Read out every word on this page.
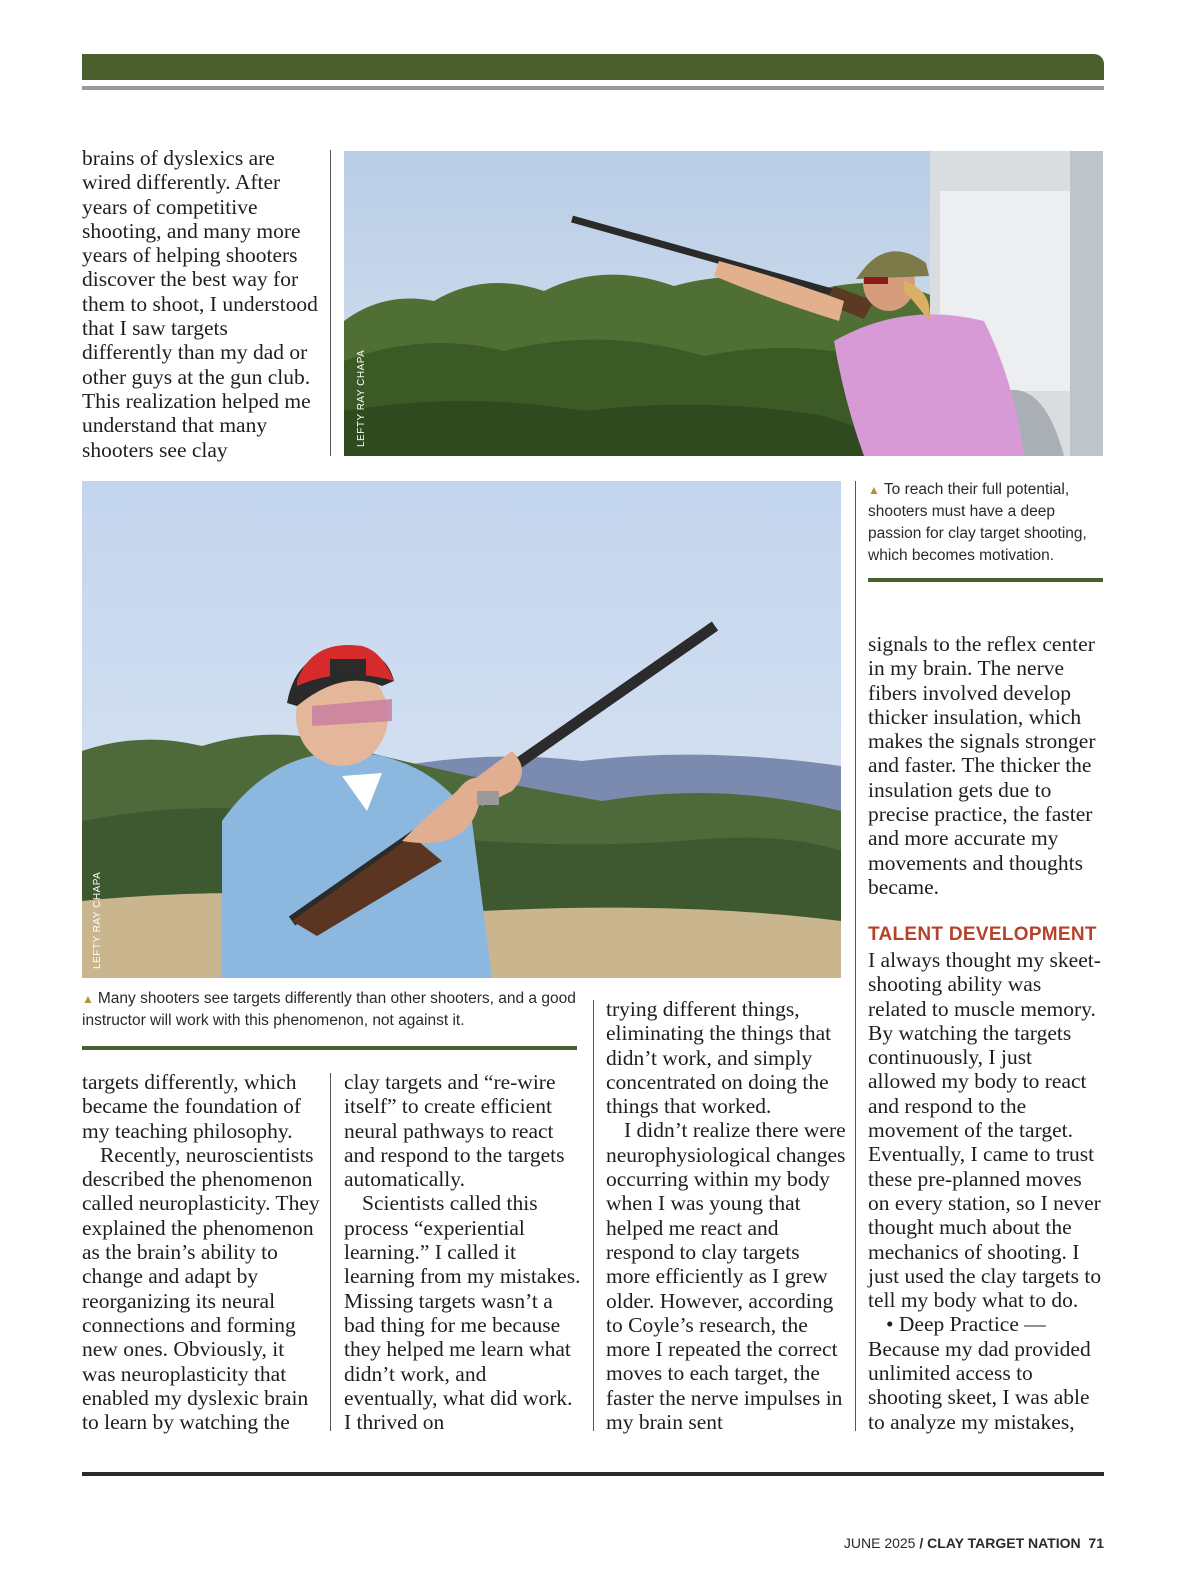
brains of dyslexics are wired differently. After years of competitive shooting, and many more years of helping shooters discover the best way for them to shoot, I understood that I saw targets differently than my dad or other guys at the gun club. This realization helped me understand that many shooters see clay

LEFTY RAY CHAPA
LEFTY RAY CHAPA
▲ To reach their full potential, shooters must have a deep passion for clay target shooting, which becomes motivation.

signals to the reflex center in my brain. The nerve fibers involved develop thicker insulation, which makes the signals stronger and faster. The thicker the insulation gets due to precise practice, the faster and more accurate my movements and thoughts became.

TALENT DEVELOPMENT

I always thought my skeet-shooting ability was related to muscle memory. By watching the targets continuously, I just allowed my body to react and respond to the movement of the target. Eventually, I came to trust these pre-planned moves on every station, so I never thought much about the mechanics of shooting. I just used the clay targets to tell my body what to do.

• Deep Practice — Because my dad provided unlimited access to shooting skeet, I was able to analyze my mistakes,

▲ Many shooters see targets differently than other shooters, and a good instructor will work with this phenomenon, not against it.

targets differently, which became the foundation of my teaching philosophy.

Recently, neuroscientists described the phenomenon called neuroplasticity. They explained the phenomenon as the brain’s ability to change and adapt by reorganizing its neural connections and forming new ones. Obviously, it was neuroplasticity that enabled my dyslexic brain to learn by watching the

clay targets and “re-wire itself” to create efficient neural pathways to react and respond to the targets automatically.

Scientists called this process “experiential learning.” I called it learning from my mistakes. Missing targets wasn’t a bad thing for me because they helped me learn what didn’t work, and eventually, what did work. I thrived on

trying different things, eliminating the things that didn’t work, and simply concentrated on doing the things that worked.

I didn’t realize there were neurophysiological changes occurring within my body when I was young that helped me react and respond to clay targets more efficiently as I grew older. However, according to Coyle’s research, the more I repeated the correct moves to each target, the faster the nerve impulses in my brain sent

JUNE 2025 / CLAY TARGET NATION 71
